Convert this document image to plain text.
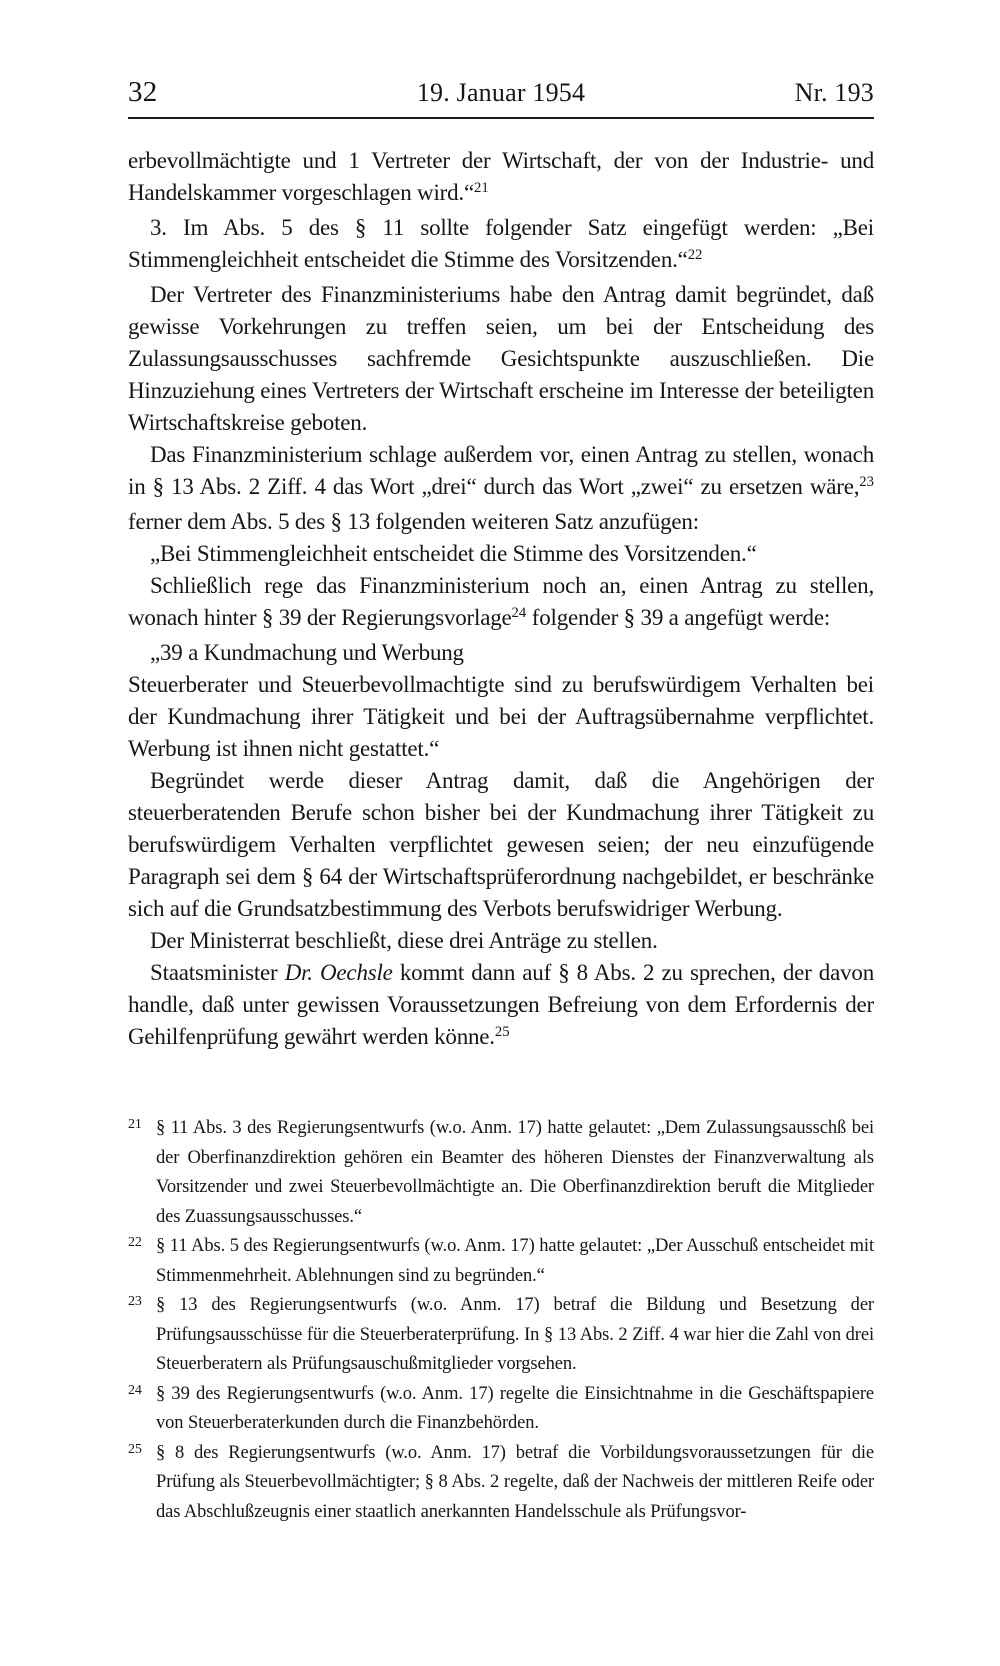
32	19. Januar 1954	Nr. 193

erbevollmächtigte und 1 Vertreter der Wirtschaft, der von der Industrie- und Handelskammer vorgeschlagen wird.“$^{21}$

3. Im Abs. 5 des § 11 sollte folgender Satz eingefügt werden: „Bei Stimmengleichheit entscheidet die Stimme des Vorsitzenden.“$^{22}$

Der Vertreter des Finanzministeriums habe den Antrag damit begründet, daß gewisse Vorkehrungen zu treffen seien, um bei der Entscheidung des Zulassungsausschusses sachfremde Gesichtspunkte auszuschließen. Die Hinzuziehung eines Vertreters der Wirtschaft erscheine im Interesse der beteiligten Wirtschaftskreise geboten.

Das Finanzministerium schlage außerdem vor, einen Antrag zu stellen, wonach in § 13 Abs. 2 Ziff. 4 das Wort „drei“ durch das Wort „zwei“ zu ersetzen wäre,$^{23}$ ferner dem Abs. 5 des § 13 folgenden weiteren Satz anzufügen:

„Bei Stimmengleichheit entscheidet die Stimme des Vorsitzenden.“

Schließlich rege das Finanzministerium noch an, einen Antrag zu stellen, wonach hinter § 39 der Regierungsvorlage$^{24}$ folgender § 39 a angefügt werde:

„39 a Kundmachung und Werbung

Steuerberater und Steuerbevollmachtigte sind zu berufswürdigem Verhalten bei der Kundmachung ihrer Tätigkeit und bei der Auftragsübernahme verpflichtet. Werbung ist ihnen nicht gestattet.“

Begründet werde dieser Antrag damit, daß die Angehörigen der steuerberatenden Berufe schon bisher bei der Kundmachung ihrer Tätigkeit zu berufswürdigem Verhalten verpflichtet gewesen seien; der neu einzufügende Paragraph sei dem § 64 der Wirtschaftsprüferordnung nachgebildet, er beschränke sich auf die Grundsatzbestimmung des Verbots berufswidriger Werbung.

Der Ministerrat beschließt, diese drei Anträge zu stellen.

Staatsminister Dr. Oechsle kommt dann auf § 8 Abs. 2 zu sprechen, der davon handle, daß unter gewissen Voraussetzungen Befreiung von dem Erfordernis der Gehilfenprüfung gewährt werden könne.$^{25}$

21 § 11 Abs. 3 des Regierungsentwurfs (w.o. Anm. 17) hatte gelautet: „Dem Zulassungsausschß bei der Oberfinanzdirektion gehören ein Beamter des höheren Dienstes der Finanzverwaltung als Vorsitzender und zwei Steuerbevollmächtigte an. Die Oberfinanzdirektion beruft die Mitglieder des Zuassungsausschusses.“
22 § 11 Abs. 5 des Regierungsentwurfs (w.o. Anm. 17) hatte gelautet: „Der Ausschuß entscheidet mit Stimmenmehrheit. Ablehnungen sind zu begründen.“
23 § 13 des Regierungsentwurfs (w.o. Anm. 17) betraf die Bildung und Besetzung der Prüfungsausschüsse für die Steuerberaterprüfung. In § 13 Abs. 2 Ziff. 4 war hier die Zahl von drei Steuerberatern als Prüfungsauschußmitglieder vorgsehen.
24 § 39 des Regierungsentwurfs (w.o. Anm. 17) regelte die Einsichtnahme in die Geschäftspapiere von Steuerberaterkunden durch die Finanzbehörden.
25 § 8 des Regierungsentwurfs (w.o. Anm. 17) betraf die Vorbildungsvoraussetzungen für die Prüfung als Steuerbevollmächtigter; § 8 Abs. 2 regelte, daß der Nachweis der mittleren Reife oder das Abschlußzeugnis einer staatlich anerkannten Handelsschule als Prüfungsvor-
